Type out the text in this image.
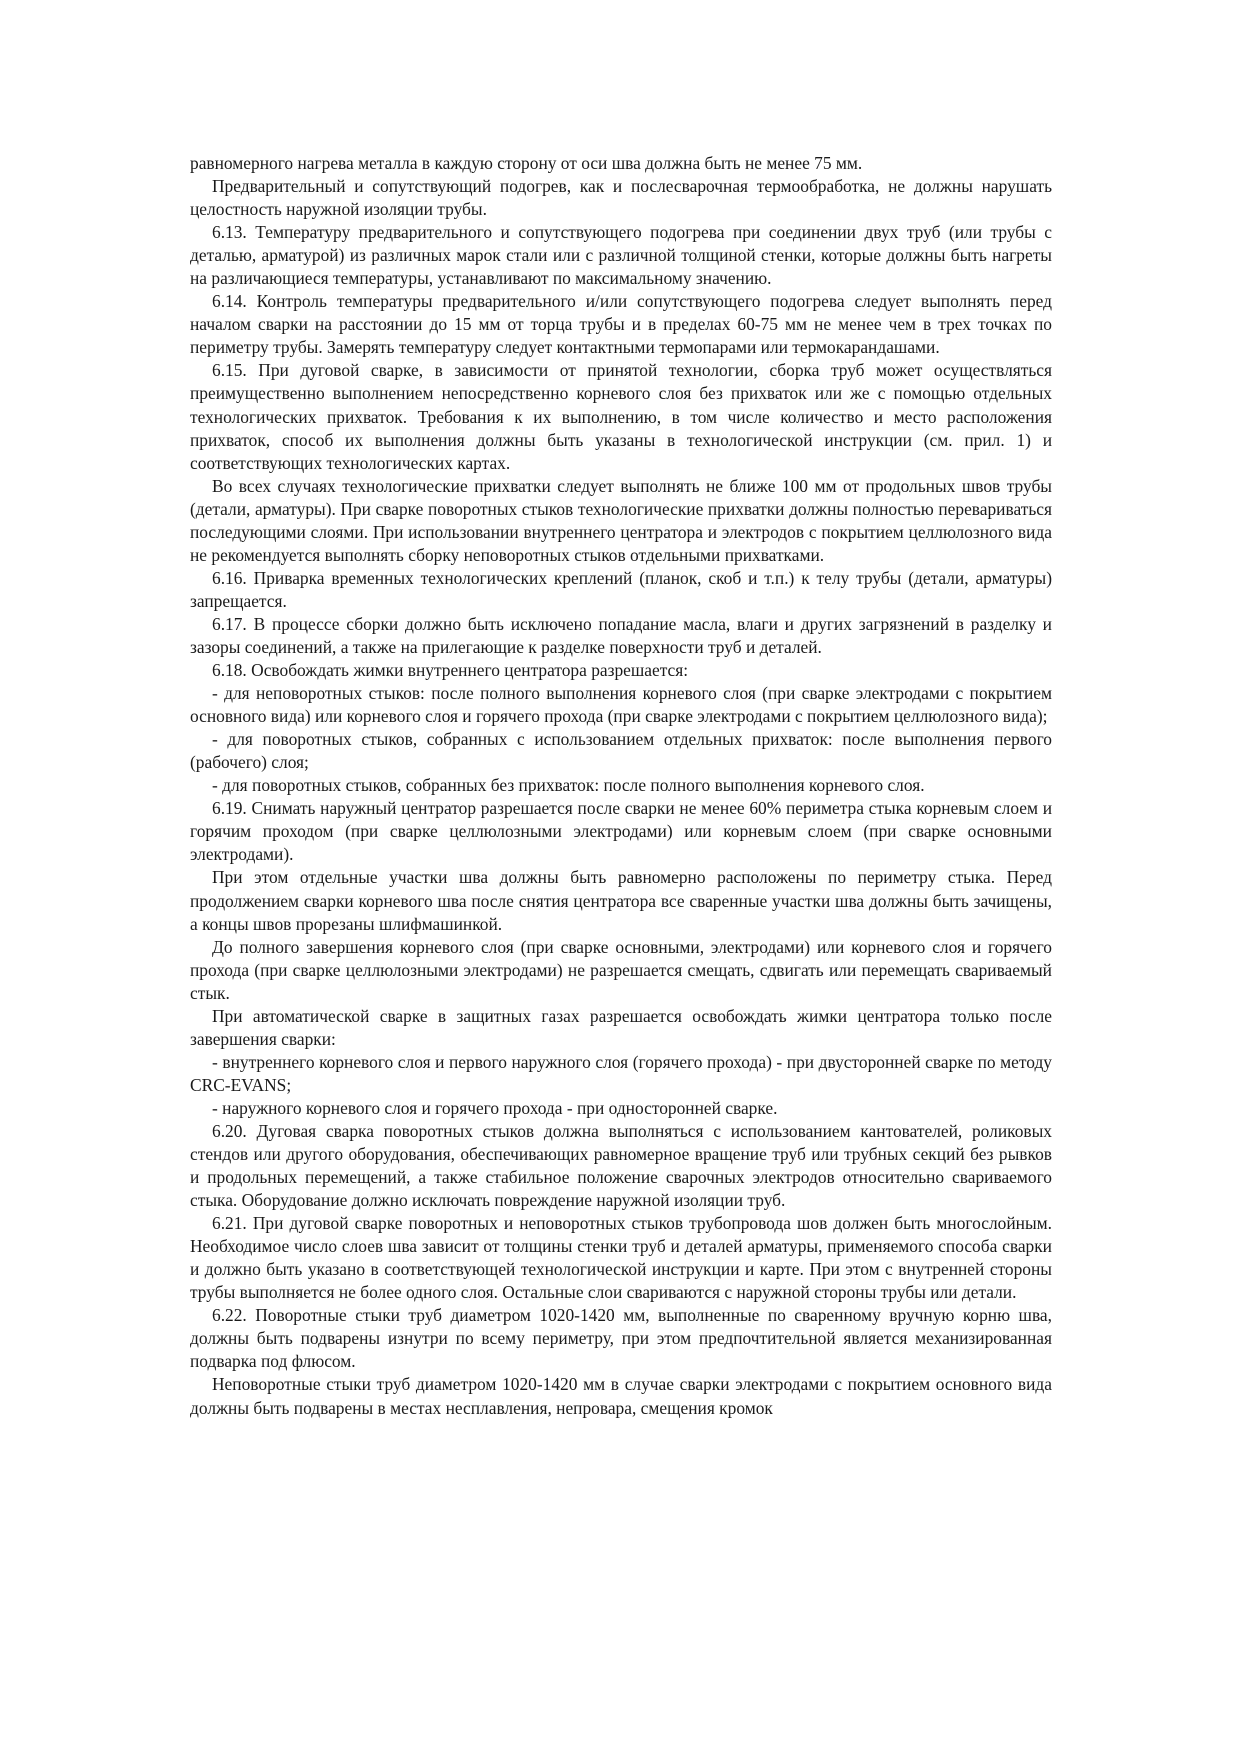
равномерного нагрева металла в каждую сторону от оси шва должна быть не менее 75 мм.

Предварительный и сопутствующий подогрев, как и послесварочная термообработка, не должны нарушать целостность наружной изоляции трубы.

6.13. Температуру предварительного и сопутствующего подогрева при соединении двух труб (или трубы с деталью, арматурой) из различных марок стали или с различной толщиной стенки, которые должны быть нагреты на различающиеся температуры, устанавливают по максимальному значению.

6.14. Контроль температуры предварительного и/или сопутствующего подогрева следует выполнять перед началом сварки на расстоянии до 15 мм от торца трубы и в пределах 60-75 мм не менее чем в трех точках по периметру трубы. Замерять температуру следует контактными термопарами или термокарандашами.

6.15. При дуговой сварке, в зависимости от принятой технологии, сборка труб может осуществляться преимущественно выполнением непосредственно корневого слоя без прихваток или же с помощью отдельных технологических прихваток. Требования к их выполнению, в том числе количество и место расположения прихваток, способ их выполнения должны быть указаны в технологической инструкции (см. прил. 1) и соответствующих технологических картах.

Во всех случаях технологические прихватки следует выполнять не ближе 100 мм от продольных швов трубы (детали, арматуры). При сварке поворотных стыков технологические прихватки должны полностью перевариваться последующими слоями. При использовании внутреннего центратора и электродов с покрытием целлюлозного вида не рекомендуется выполнять сборку неповоротных стыков отдельными прихватками.

6.16. Приварка временных технологических креплений (планок, скоб и т.п.) к телу трубы (детали, арматуры) запрещается.

6.17. В процессе сборки должно быть исключено попадание масла, влаги и других загрязнений в разделку и зазоры соединений, а также на прилегающие к разделке поверхности труб и деталей.

6.18. Освобождать жимки внутреннего центратора разрешается:

- для неповоротных стыков: после полного выполнения корневого слоя (при сварке электродами с покрытием основного вида) или корневого слоя и горячего прохода (при сварке электродами с покрытием целлюлозного вида);

- для поворотных стыков, собранных с использованием отдельных прихваток: после выполнения первого (рабочего) слоя;

- для поворотных стыков, собранных без прихваток: после полного выполнения корневого слоя.

6.19. Снимать наружный центратор разрешается после сварки не менее 60% периметра стыка корневым слоем и горячим проходом (при сварке целлюлозными электродами) или корневым слоем (при сварке основными электродами).

При этом отдельные участки шва должны быть равномерно расположены по периметру стыка. Перед продолжением сварки корневого шва после снятия центратора все сваренные участки шва должны быть зачищены, а концы швов прорезаны шлифмашинкой.

До полного завершения корневого слоя (при сварке основными, электродами) или корневого слоя и горячего прохода (при сварке целлюлозными электродами) не разрешается смещать, сдвигать или перемещать свариваемый стык.

При автоматической сварке в защитных газах разрешается освобождать жимки центратора только после завершения сварки:

- внутреннего корневого слоя и первого наружного слоя (горячего прохода) - при двусторонней сварке по методу CRC-EVANS;

- наружного корневого слоя и горячего прохода - при односторонней сварке.

6.20. Дуговая сварка поворотных стыков должна выполняться с использованием кантователей, роликовых стендов или другого оборудования, обеспечивающих равномерное вращение труб или трубных секций без рывков и продольных перемещений, а также стабильное положение сварочных электродов относительно свариваемого стыка. Оборудование должно исключать повреждение наружной изоляции труб.

6.21. При дуговой сварке поворотных и неповоротных стыков трубопровода шов должен быть многослойным. Необходимое число слоев шва зависит от толщины стенки труб и деталей арматуры, применяемого способа сварки и должно быть указано в соответствующей технологической инструкции и карте. При этом с внутренней стороны трубы выполняется не более одного слоя. Остальные слои свариваются с наружной стороны трубы или детали.

6.22. Поворотные стыки труб диаметром 1020-1420 мм, выполненные по сваренному вручную корню шва, должны быть подварены изнутри по всему периметру, при этом предпочтительной является механизированная подварка под флюсом.

Неповоротные стыки труб диаметром 1020-1420 мм в случае сварки электродами с покрытием основного вида должны быть подварены в местах несплавления, непровара, смещения кромок
